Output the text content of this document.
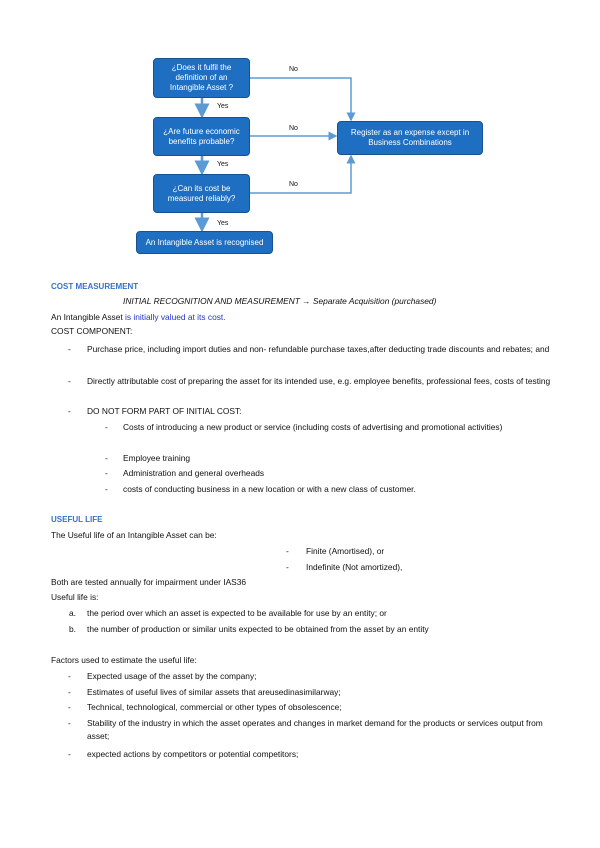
¿Does it fulfil the definition of an Intangible Asset ?
¿Are future economic benefits probable?
¿Can its cost be measured reliably?
Register as an expense except in Business Combinations
An Intangible Asset is recognised
No
No
No
Yes
Yes
Yes
COST MEASUREMENT
INITIAL RECOGNITION AND MEASUREMENT → Separate Acquisition (purchased)
An Intangible Asset is initially valued at its cost.
COST COMPONENT:
- Purchase price, including import duties and non- refundable purchase taxes,after deducting trade discounts and rebates; and
- Directly attributable cost of preparing the asset for its intended use, e.g. employee benefits, professional fees, costs of testing
- DO NOT FORM PART OF INITIAL COST:
- Costs of introducing a new product or service (including costs of advertising and promotional activities)
- Employee training
- Administration and general overheads
- costs of conducting business in a new location or with a new class of customer.
USEFUL LIFE
The Useful life of an Intangible Asset can be:
- Finite (Amortised), or
- Indefinite (Not amortized),
Both are tested annually for impairment under IAS36
Useful life is:
a. the period over which an asset is expected to be available for use by an entity; or
b. the number of production or similar units expected to be obtained from the asset by an entity
Factors used to estimate the useful life:
- Expected usage of the asset by the company;
- Estimates of useful lives of similar assets that areusedinasimilarway;
- Technical, technological, commercial or other types of obsolescence;
- Stability of the industry in which the asset operates and changes in market demand for the products or services output from asset;
- expected actions by competitors or potential competitors;
